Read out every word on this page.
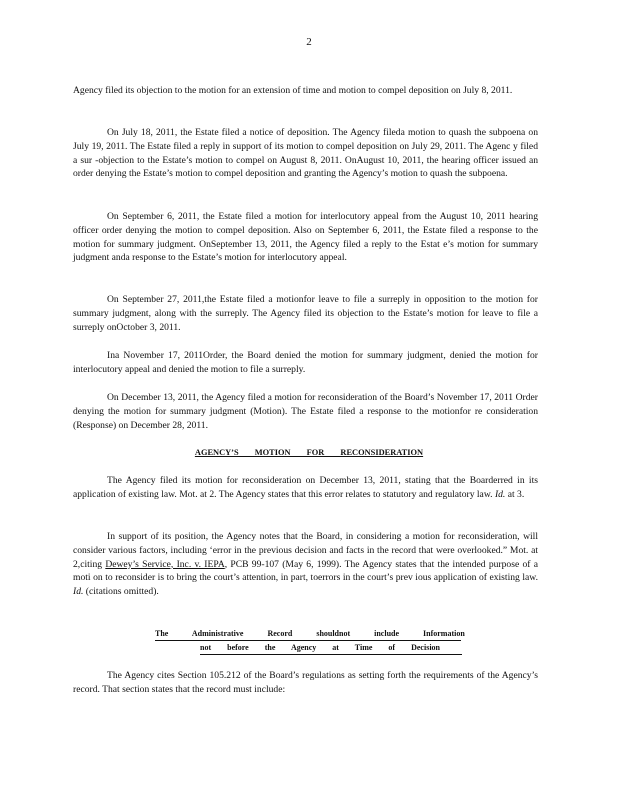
2

Agency filed its objection to the motion for an extension of time and motion to compel deposition on July 8, 2011.

On July 18, 2011, the Estate filed a notice of deposition. The Agency fileda motion to quash the subpoena on July 19, 2011. The Estate filed a reply in support of its motion to compel deposition on July 29, 2011. The Agenc y filed a sur -objection to the Estate’s motion to compel on August 8, 2011. OnAugust 10, 2011, the hearing officer issued an order denying the Estate’s motion to compel deposition and granting the Agency’s motion to quash the subpoena.

On September 6, 2011, the Estate filed a motion for interlocutory appeal from the August 10, 2011 hearing officer order denying the motion to compel deposition. Also on September 6, 2011, the Estate filed a response to the motion for summary judgment. OnSeptember 13, 2011, the Agency filed a reply to the Estat e’s motion for summary judgment anda response to the Estate’s motion for interlocutory appeal.

On September 27, 2011,the Estate filed a motionfor leave to file a surreply in opposition to the motion for summary judgment, along with the surreply. The Agency filed its objection to the Estate’s motion for leave to file a surreply onOctober 3, 2011.

Ina November 17, 2011Order, the Board denied the motion for summary judgment, denied the motion for interlocutory appeal and denied the motion to file a surreply.

On December 13, 2011, the Agency filed a motion for reconsideration of the Board’s November 17, 2011 Order denying the motion for summary judgment (Motion). The Estate filed a response to the motionfor re consideration (Response) on December 28, 2011.

AGENCY’S MOTION FOR RECONSIDERATION

The Agency filed its motion for reconsideration on December 13, 2011, stating that the Boarderred in its application of existing law. Mot. at 2. The Agency states that this error relates to statutory and regulatory law. Id. at 3.

In support of its position, the Agency notes that the Board, in considering a motion for reconsideration, will consider various factors, including ‘error in the previous decision and facts in the record that were overlooked.” Mot. at 2,citing Dewey’s Service, Inc. v. IEPA, PCB 99-107 (May 6, 1999). The Agency states that the intended purpose of a moti on to reconsider is to bring the court’s attention, in part, toerrors in the court’s prev ious application of existing law. Id. (citations omitted).

The Administrative Record shouldnot include Information

not before the Agency at Time of Decision

The Agency cites Section 105.212 of the Board’s regulations as setting forth the requirements of the Agency’s record. That section states that the record must include:
